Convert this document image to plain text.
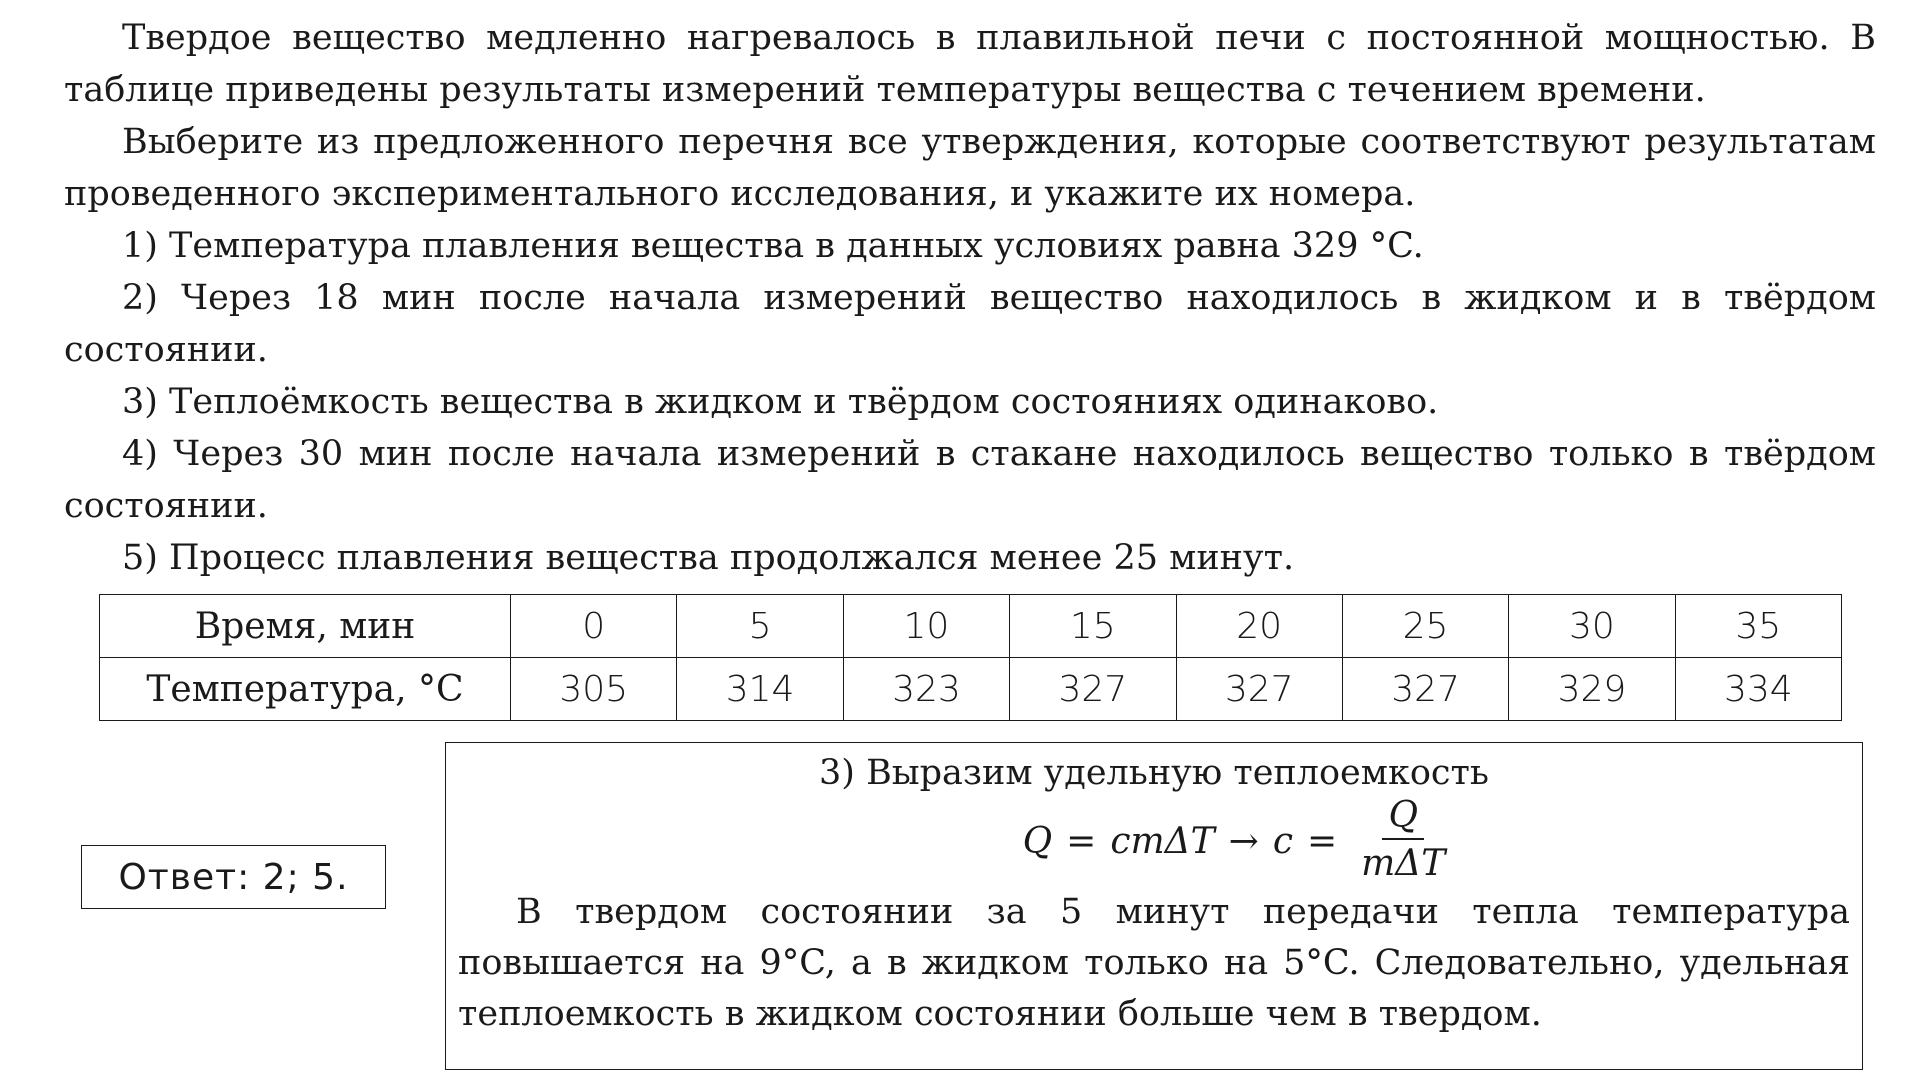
Твердое вещество медленно нагревалось в плавильной печи с постоянной мощностью. В таблице приведены результаты измерений температуры вещества с течением времени.

Выберите из предложенного перечня все утверждения, которые соответствуют результатам проведенного экспериментального исследования, и укажите их номера.

1) Температура плавления вещества в данных условиях равна 329 °C.

2) Через 18 мин после начала измерений вещество находилось в жидком и в твёрдом состоянии.

3) Теплоёмкость вещества в жидком и твёрдом состояниях одинаково.

4) Через 30 мин после начала измерений в стакане находилось вещество только в твёрдом состоянии.

5) Процесс плавления вещества продолжался менее 25 минут.

Время, мин	0	5	10	15	20	25	30	35
Температура, °C	305	314	323	327	327	327	329	334
Ответ: 2; 5.
3) Выразим удельную теплоемкость
$Q = cm\Delta T \to c = \frac{Q}{\text{mΔT}}$

В твердом состоянии за 5 минут передачи тепла температура повышается на 9°C, а в жидком только на 5°C. Следовательно, удельная теплоемкость в жидком состоянии больше чем в твердом.
